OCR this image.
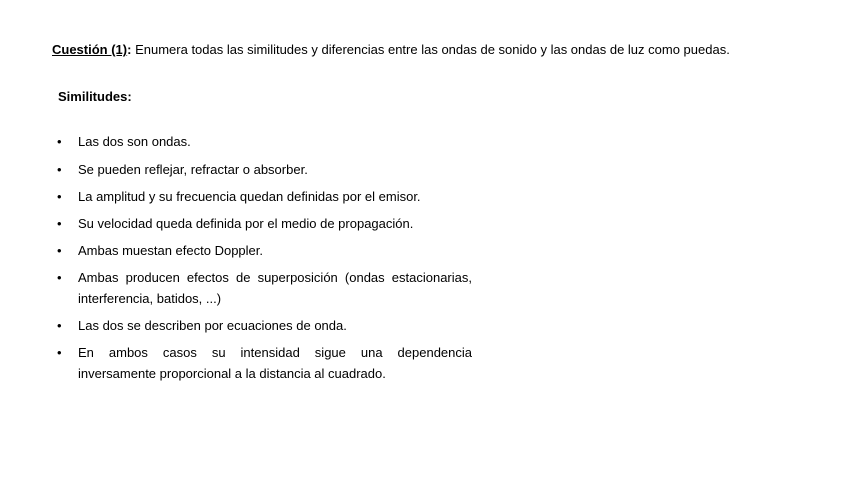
Cuestión (1): Enumera todas las similitudes y diferencias entre las ondas de sonido y las ondas de luz como puedas.
Similitudes:
• Las dos son ondas.
• Se pueden reflejar, refractar o absorber.
• La amplitud y su frecuencia quedan definidas por el emisor.
• Su velocidad queda definida por el medio de propagación.
• Ambas muestan efecto Doppler.
• Ambas producen efectos de superposición (ondas estacionarias, interferencia, batidos, ...)
• Las dos se describen por ecuaciones de onda.
• En ambos casos su intensidad sigue una dependencia inversamente proporcional a la distancia al cuadrado.
